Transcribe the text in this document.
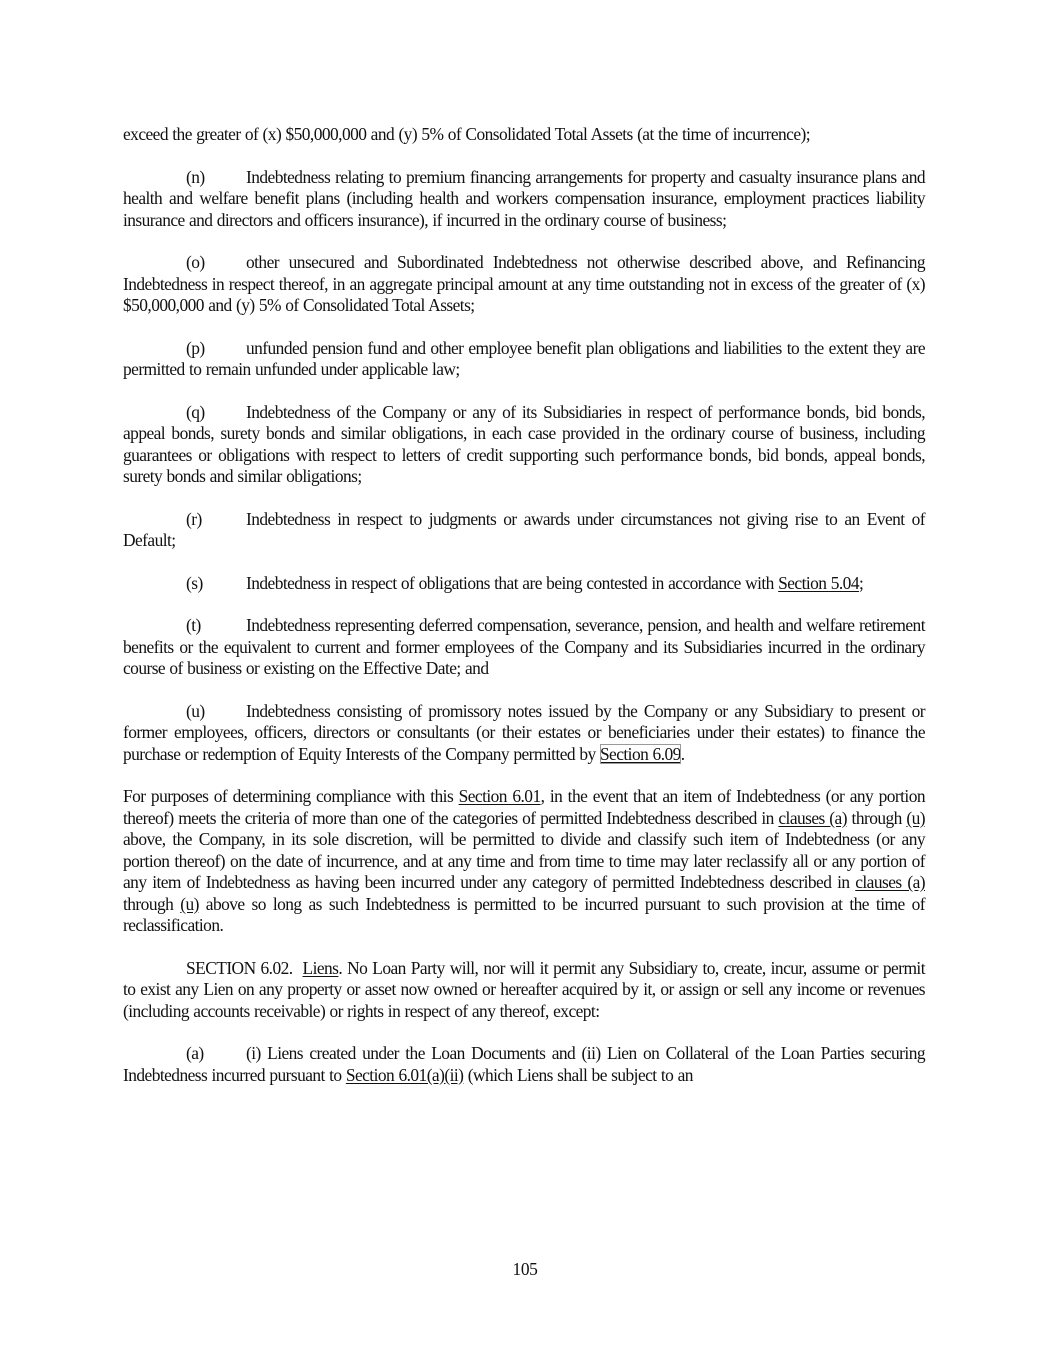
exceed the greater of (x) $50,000,000 and (y) 5% of Consolidated Total Assets (at the time of incurrence);

(n) Indebtedness relating to premium financing arrangements for property and casualty insurance plans and health and welfare benefit plans (including health and workers compensation insurance, employment practices liability insurance and directors and officers insurance), if incurred in the ordinary course of business;

(o) other unsecured and Subordinated Indebtedness not otherwise described above, and Refinancing Indebtedness in respect thereof, in an aggregate principal amount at any time outstanding not in excess of the greater of (x) $50,000,000 and (y) 5% of Consolidated Total Assets;

(p) unfunded pension fund and other employee benefit plan obligations and liabilities to the extent they are permitted to remain unfunded under applicable law;

(q) Indebtedness of the Company or any of its Subsidiaries in respect of performance bonds, bid bonds, appeal bonds, surety bonds and similar obligations, in each case provided in the ordinary course of business, including guarantees or obligations with respect to letters of credit supporting such performance bonds, bid bonds, appeal bonds, surety bonds and similar obligations;

(r)	Indebtedness in respect to judgments or awards under circumstances not giving rise to an Event of Default;

(s) Indebtedness in respect of obligations that are being contested in accordance with Section 5.04;

(t)	Indebtedness representing deferred compensation, severance, pension, and health and welfare retirement benefits or the equivalent to current and former employees of the Company and its Subsidiaries incurred in the ordinary course of business or existing on the Effective Date; and

(u) Indebtedness consisting of promissory notes issued by the Company or any Subsidiary to present or former employees, officers, directors or consultants (or their estates or beneficiaries under their estates) to finance the purchase or redemption of Equity Interests of the Company permitted by Section 6.09.

For purposes of determining compliance with this Section 6.01, in the event that an item of Indebtedness (or any portion thereof) meets the criteria of more than one of the categories of permitted Indebtedness described in clauses (a) through (u) above, the Company, in its sole discretion, will be permitted to divide and classify such item of Indebtedness (or any portion thereof) on the date of incurrence, and at any time and from time to time may later reclassify all or any portion of any item of Indebtedness as having been incurred under any category of permitted Indebtedness described in clauses (a) through (u) above so long as such Indebtedness is permitted to be incurred pursuant to such provision at the time of reclassification.

SECTION 6.02. Liens. No Loan Party will, nor will it permit any Subsidiary to, create, incur, assume or permit to exist any Lien on any property or asset now owned or hereafter acquired by it, or assign or sell any income or revenues (including accounts receivable) or rights in respect of any thereof, except:

(a) (i) Liens created under the Loan Documents and (ii) Lien on Collateral of the Loan Parties securing Indebtedness incurred pursuant to Section 6.01(a)(ii) (which Liens shall be subject to an

105
